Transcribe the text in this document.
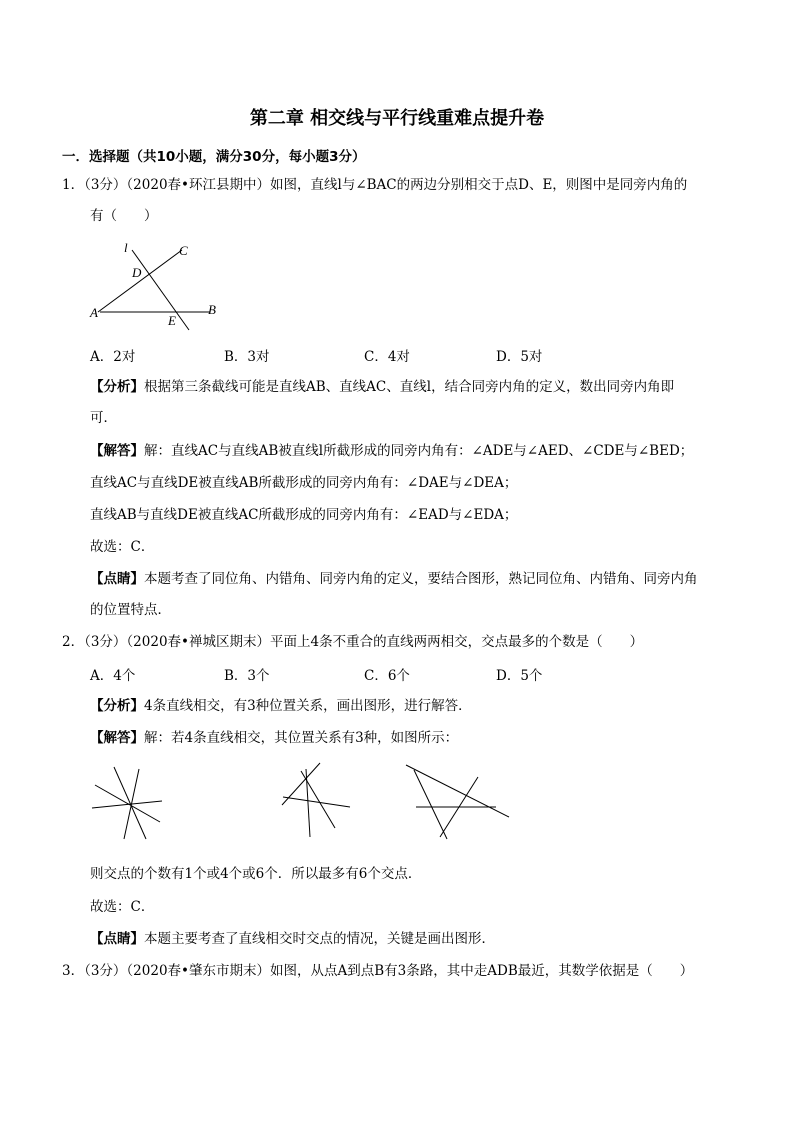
第二章 相交线与平行线重难点提升卷
一．选择题（共10小题，满分30分，每小题3分）
1．（3分）（2020春•环江县期中）如图，直线l与∠BAC的两边分别相交于点D、E，则图中是同旁内角的
有（　　）
l	C
D
A
E
B
A．2对	B．3对	C．4对	D．5对
【分析】根据第三条截线可能是直线AB、直线AC、直线l，结合同旁内角的定义，数出同旁内角即
可．
【解答】解：直线AC与直线AB被直线l所截形成的同旁内角有：∠ADE与∠AED、∠CDE与∠BED；
直线AC与直线DE被直线AB所截形成的同旁内角有：∠DAE与∠DEA；
直线AB与直线DE被直线AC所截形成的同旁内角有：∠EAD与∠EDA；
故选：C．
【点睛】本题考查了同位角、内错角、同旁内角的定义，要结合图形，熟记同位角、内错角、同旁内角
的位置特点．
2．（3分）（2020春•禅城区期末）平面上4条不重合的直线两两相交，交点最多的个数是（　　）
A．4个	B．3个	C．6个	D．5个
【分析】4条直线相交，有3种位置关系，画出图形，进行解答．
【解答】解：若4条直线相交，其位置关系有3种，如图所示：
则交点的个数有1个或4个或6个．所以最多有6个交点．
故选：C．
【点睛】本题主要考查了直线相交时交点的情况，关键是画出图形．
3．（3分）（2020春•肇东市期末）如图，从点A到点B有3条路，其中走ADB最近，其数学依据是（　　）
